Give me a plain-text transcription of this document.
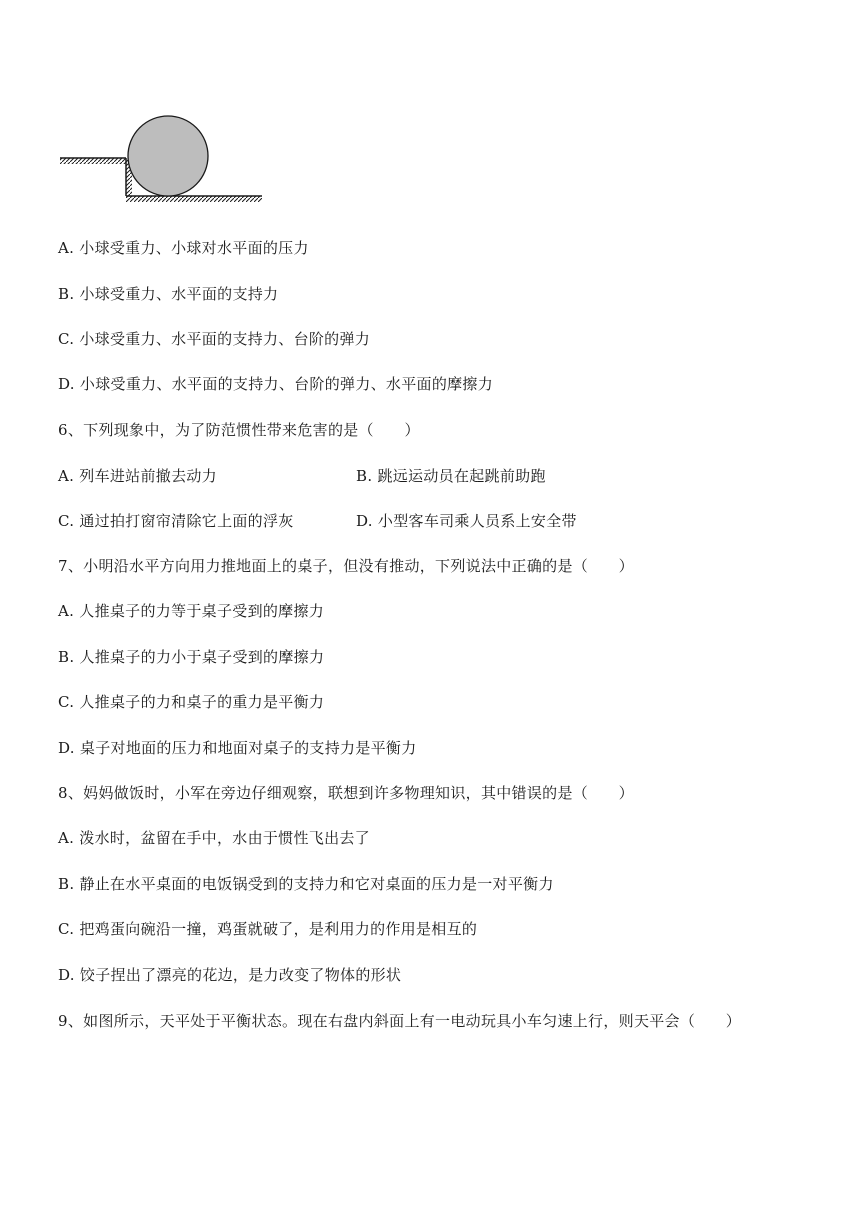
A. 小球受重力、小球对水平面的压力
B. 小球受重力、水平面的支持力
C. 小球受重力、水平面的支持力、台阶的弹力
D. 小球受重力、水平面的支持力、台阶的弹力、水平面的摩擦力
6、下列现象中，为了防范惯性带来危害的是（　　）
A. 列车进站前撤去动力	B. 跳远运动员在起跳前助跑
C. 通过拍打窗帘清除它上面的浮灰	D. 小型客车司乘人员系上安全带
7、小明沿水平方向用力推地面上的桌子，但没有推动，下列说法中正确的是（　　）
A. 人推桌子的力等于桌子受到的摩擦力
B. 人推桌子的力小于桌子受到的摩擦力
C. 人推桌子的力和桌子的重力是平衡力
D. 桌子对地面的压力和地面对桌子的支持力是平衡力
8、妈妈做饭时，小军在旁边仔细观察，联想到许多物理知识，其中错误的是（　　）
A. 泼水时，盆留在手中，水由于惯性飞出去了
B. 静止在水平桌面的电饭锅受到的支持力和它对桌面的压力是一对平衡力
C. 把鸡蛋向碗沿一撞，鸡蛋就破了，是利用力的作用是相互的
D. 饺子捏出了漂亮的花边，是力改变了物体的形状
9、如图所示，天平处于平衡状态。现在右盘内斜面上有一电动玩具小车匀速上行，则天平会（　　）
